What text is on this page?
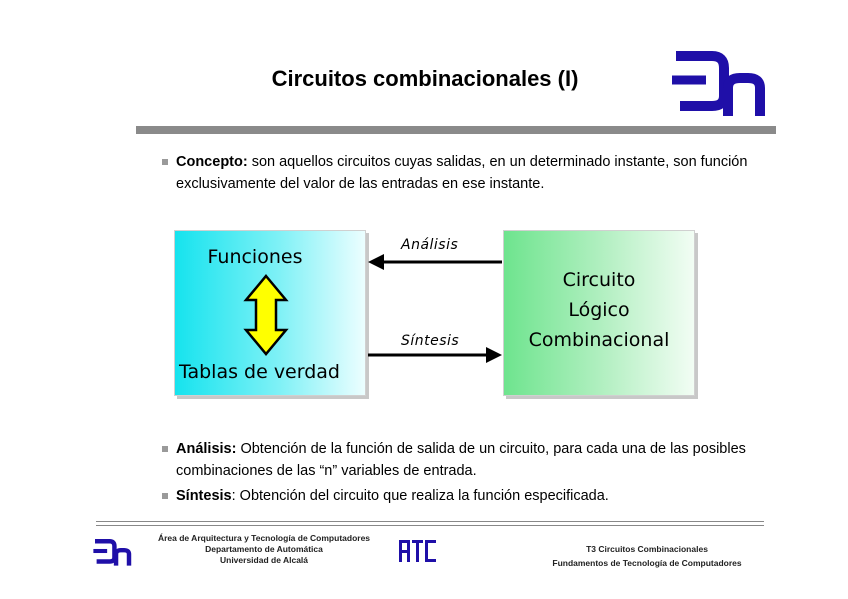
Circuitos combinacionales (I)
Concepto: son aquellos circuitos cuyas salidas, en un determinado instante, son función exclusivamente del valor de las entradas en ese instante.
Funciones
Tablas de verdad
Circuito
Lógico
Combinacional
Análisis
Síntesis
Análisis: Obtención de la función de salida de un circuito, para cada una de las posibles combinaciones de las “n” variables de entrada.
Síntesis: Obtención del circuito que realiza la función especificada.
Área de Arquitectura y Tecnología de Computadores
Departamento de Automática
Universidad de Alcalá
T3 Circuitos Combinacionales
Fundamentos de Tecnología de Computadores
